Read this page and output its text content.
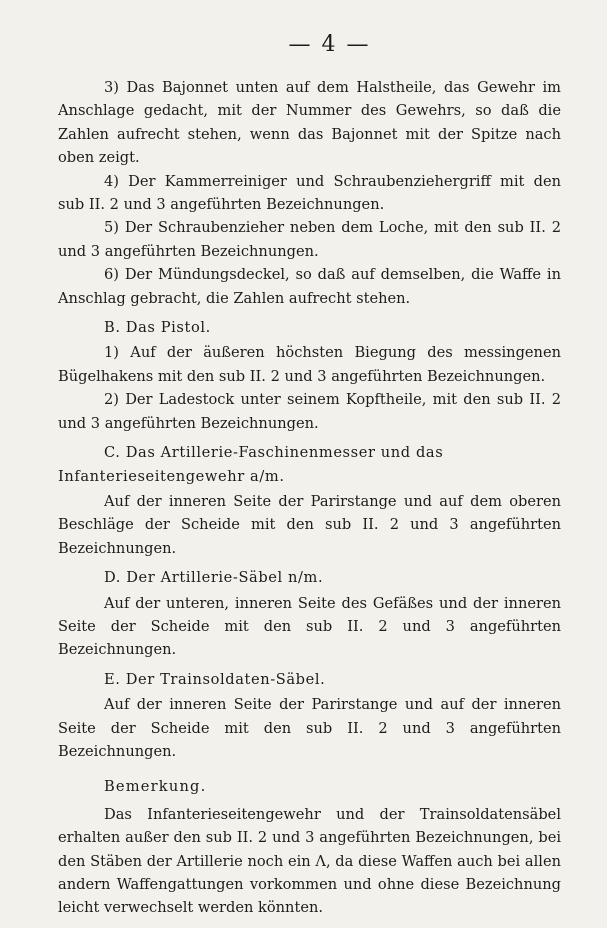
— 4 —

3) Das Bajonnet unten auf dem Halstheile, das Gewehr im Anschlage gedacht, mit der Nummer des Gewehrs, so daß die Zahlen aufrecht stehen, wenn das Bajonnet mit der Spitze nach oben zeigt.

4) Der Kammerreiniger und Schraubenziehergriff mit den sub II. 2 und 3 angeführten Bezeichnungen.

5) Der Schraubenzieher neben dem Loche, mit den sub II. 2 und 3 angeführten Bezeichnungen.

6) Der Mündungsdeckel, so daß auf demselben, die Waffe in Anschlag gebracht, die Zahlen aufrecht stehen.

B. Das Pistol.

1) Auf der äußeren höchsten Biegung des messingenen Bügelhakens mit den sub II. 2 und 3 angeführten Bezeichnungen.

2) Der Ladestock unter seinem Kopftheile, mit den sub II. 2 und 3 angeführten Bezeichnungen.

C. Das Artillerie-Faschinenmesser und das Infanterieseitengewehr a/m.

Auf der inneren Seite der Parirstange und auf dem oberen Beschläge der Scheide mit den sub II. 2 und 3 angeführten Bezeichnungen.

D. Der Artillerie-Säbel n/m.

Auf der unteren, inneren Seite des Gefäßes und der inneren Seite der Scheide mit den sub II. 2 und 3 angeführten Bezeichnungen.

E. Der Trainsoldaten-Säbel.

Auf der inneren Seite der Parirstange und auf der inneren Seite der Scheide mit den sub II. 2 und 3 angeführten Bezeichnungen.

Bemerkung.

Das Infanterieseitengewehr und der Trainsoldatensäbel erhalten außer den sub II. 2 und 3 angeführten Bezeichnungen, bei den Stäben der Artillerie noch ein Λ, da diese Waffen auch bei allen andern Waffengattungen vorkommen und ohne diese Bezeichnung leicht verwechselt werden könnten.
